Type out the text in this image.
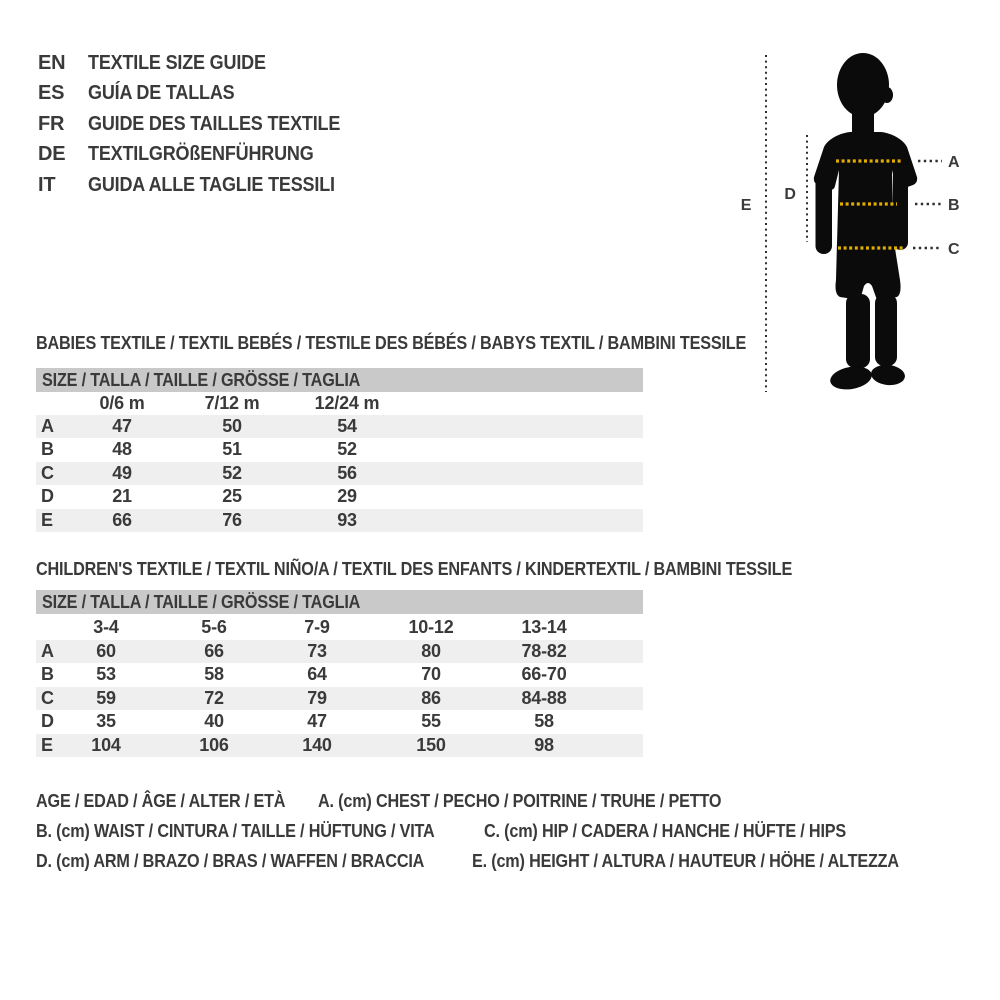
EN	TEXTILE SIZE GUIDE
ES	GUÍA DE TALLAS
FR	GUIDE DES TAILLES TEXTILE
DE	TEXTILGRÖßENFÜHRUNG
IT	GUIDA ALLE TAGLIE TESSILI
E
D
A
B
C
BABIES TEXTILE / TEXTIL BEBÉS / TESTILE DES BÉBÉS / BABYS TEXTIL / BAMBINI TESSILE
SIZE / TALLA / TAILLE / GRÖSSE / TAGLIA
0/6 m	7/12 m	12/24 m
A	47	50	54
B	48	51	52
C	49	52	56
D	21	25	29
E	66	76	93
CHILDREN'S TEXTILE / TEXTIL NIÑO/A / TEXTIL DES ENFANTS / KINDERTEXTIL / BAMBINI TESSILE
SIZE / TALLA / TAILLE / GRÖSSE / TAGLIA
3-4	5-6	7-9	10-12	13-14
A	60	66	73	80	78-82
B	53	58	64	70	66-70
C	59	72	79	86	84-88
D	35	40	47	55	58
E	104	106	140	150	98
AGE / EDAD / ÂGE / ALTER / ETÀ A. (cm) CHEST / PECHO / POITRINE / TRUHE / PETTO B. (cm) WAIST / CINTURA / TAILLE / HÜFTUNG / VITA	C. (cm) HIP / CADERA / HANCHE / HÜFTE / HIPS D. (cm) ARM / BRAZO / BRAS / WAFFEN / BRACCIA	E. (cm) HEIGHT / ALTURA / HAUTEUR / HÖHE / ALTEZZA
